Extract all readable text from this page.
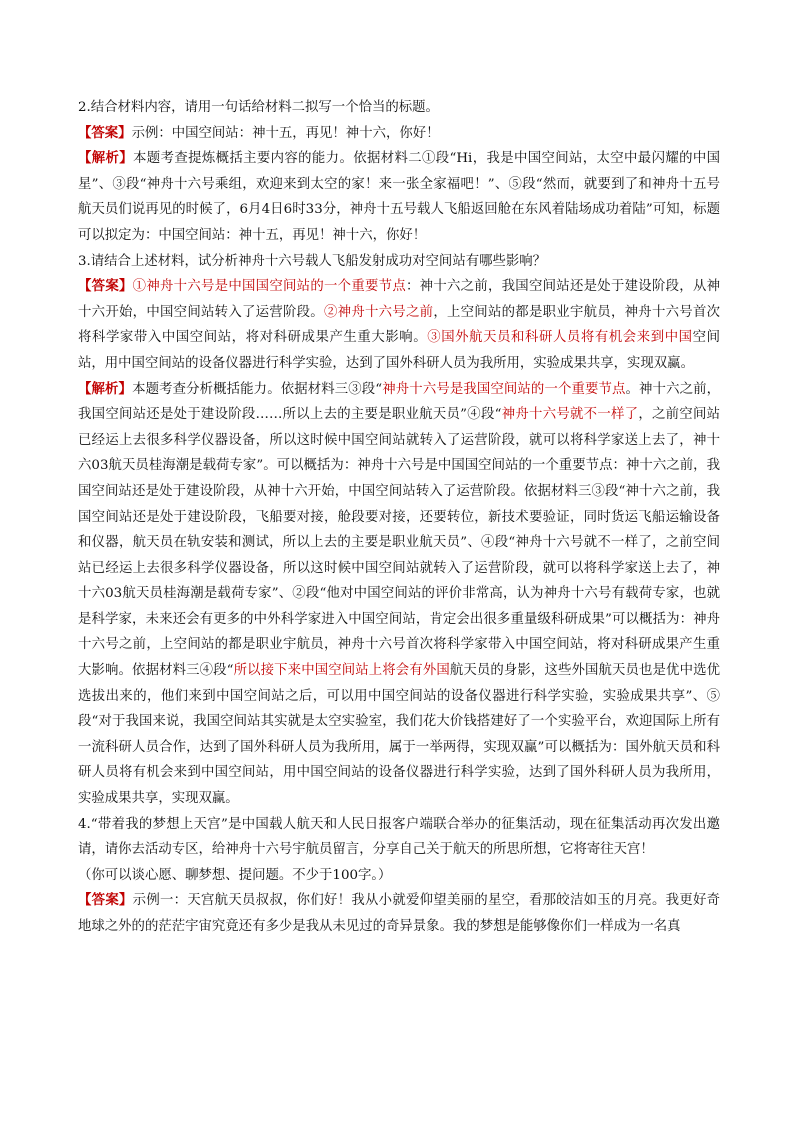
2.结合材料内容，请用一句话给材料二拟写一个恰当的标题。

【答案】示例：中国空间站：神十五，再见！神十六，你好！

【解析】本题考查提炼概括主要内容的能力。依据材料二①段“Hi，我是中国空间站，太空中最闪耀的中国星”、③段“神舟十六号乘组，欢迎来到太空的家！来一张全家福吧！”、⑤段“然而，就要到了和神舟十五号航天员们说再见的时候了，6月4日6时33分，神舟十五号载人飞船返回舱在东风着陆场成功着陆”可知，标题可以拟定为：中国空间站：神十五，再见！神十六，你好！

3.请结合上述材料，试分析神舟十六号载人飞船发射成功对空间站有哪些影响？

【答案】①神舟十六号是中国国空间站的一个重要节点：神十六之前，我国空间站还是处于建设阶段，从神十六开始，中国空间站转入了运营阶段。②神舟十六号之前，上空间站的都是职业宇航员，神舟十六号首次将科学家带入中国空间站，将对科研成果产生重大影响。③国外航天员和科研人员将有机会来到中国空间站，用中国空间站的设备仪器进行科学实验，达到了国外科研人员为我所用，实验成果共享，实现双赢。

【解析】本题考查分析概括能力。依据材料三③段“神舟十六号是我国空间站的一个重要节点。神十六之前，我国空间站还是处于建设阶段……所以上去的主要是职业航天员”④段“神舟十六号就不一样了，之前空间站已经运上去很多科学仪器设备，所以这时候中国空间站就转入了运营阶段，就可以将科学家送上去了，神十六03航天员桂海潮是载荷专家”。可以概括为：神舟十六号是中国国空间站的一个重要节点：神十六之前，我国空间站还是处于建设阶段，从神十六开始，中国空间站转入了运营阶段。依据材料三③段“神十六之前，我国空间站还是处于建设阶段，飞船要对接，舱段要对接，还要转位，新技术要验证，同时货运飞船运输设备和仪器，航天员在轨安装和测试，所以上去的主要是职业航天员”、④段“神舟十六号就不一样了，之前空间站已经运上去很多科学仪器设备，所以这时候中国空间站就转入了运营阶段，就可以将科学家送上去了，神十六03航天员桂海潮是载荷专家”、②段“他对中国空间站的评价非常高，认为神舟十六号有载荷专家，也就是科学家，未来还会有更多的中外科学家进入中国空间站，肯定会出很多重量级科研成果”可以概括为：神舟十六号之前，上空间站的都是职业宇航员，神舟十六号首次将科学家带入中国空间站，将对科研成果产生重大影响。依据材料三④段“所以接下来中国空间站上将会有外国航天员的身影，这些外国航天员也是优中选优选拔出来的，他们来到中国空间站之后，可以用中国空间站的设备仪器进行科学实验，实验成果共享”、⑤段“对于我国来说，我国空间站其实就是太空实验室，我们花大价钱搭建好了一个实验平台，欢迎国际上所有一流科研人员合作，达到了国外科研人员为我所用，属于一举两得，实现双赢”可以概括为：国外航天员和科研人员将有机会来到中国空间站，用中国空间站的设备仪器进行科学实验，达到了国外科研人员为我所用，实验成果共享，实现双赢。

4.“带着我的梦想上天宫”是中国载人航天和人民日报客户端联合举办的征集活动，现在征集活动再次发出邀请，请你去活动专区，给神舟十六号宇航员留言，分享自己关于航天的所思所想，它将寄往天宫！

（你可以谈心愿、聊梦想、提问题。不少于100字。）

【答案】示例一：天宫航天员叔叔，你们好！我从小就爱仰望美丽的星空，看那皎洁如玉的月亮。我更好奇地球之外的的茫茫宇宙究竟还有多少是我从未见过的奇异景象。我的梦想是能够像你们一样成为一名真
